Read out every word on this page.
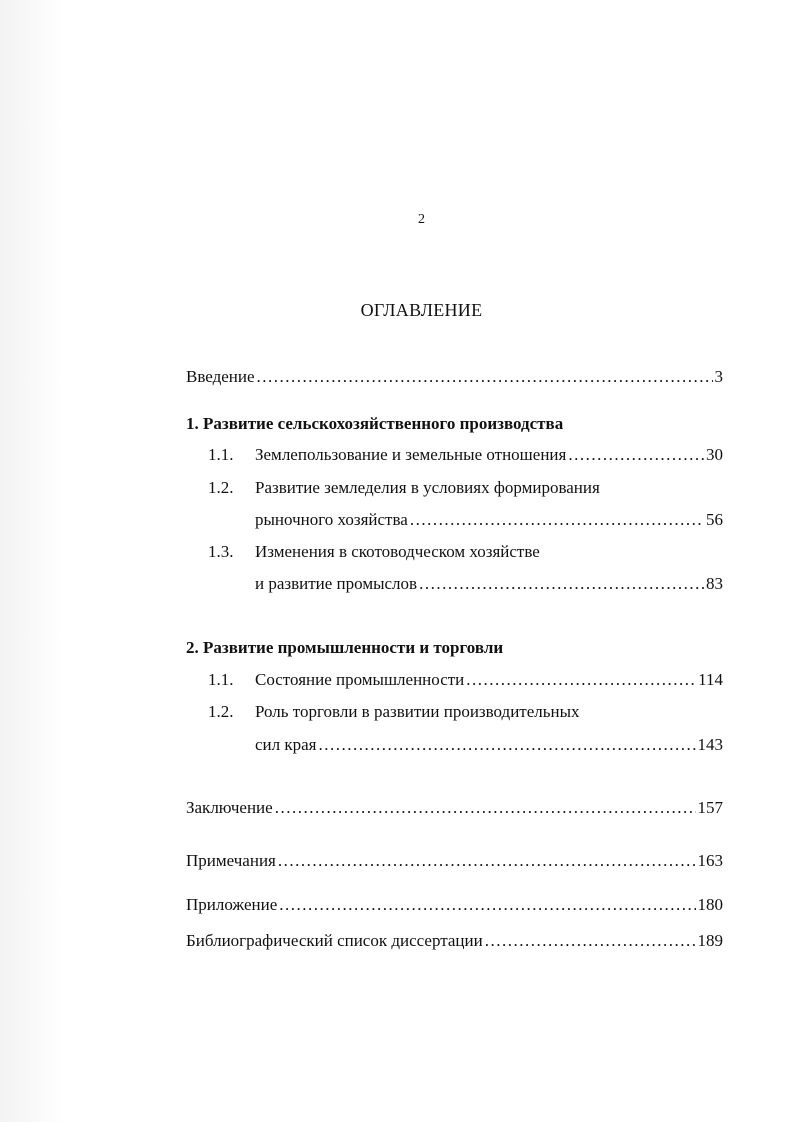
2
ОГЛАВЛЕНИЕ
Введение .....	3
1. Развитие сельскохозяйственного производства
1.1.	Землепользование и земельные отношения .....	30
1.2. Развитие земледелия в условиях формирования
рыночного хозяйства .....	56
1.3. Изменения в скотоводческом хозяйстве
и развитие промыслов .....	83
2. Развитие промышленности и торговли
1.1.	Состояние промышленности .....	114
1.2. Роль торговли в развитии производительных
сил края .....	143
Заключение .....	157
Примечания .....	163
Приложение .....	180
Библиографический список диссертации .....	189
